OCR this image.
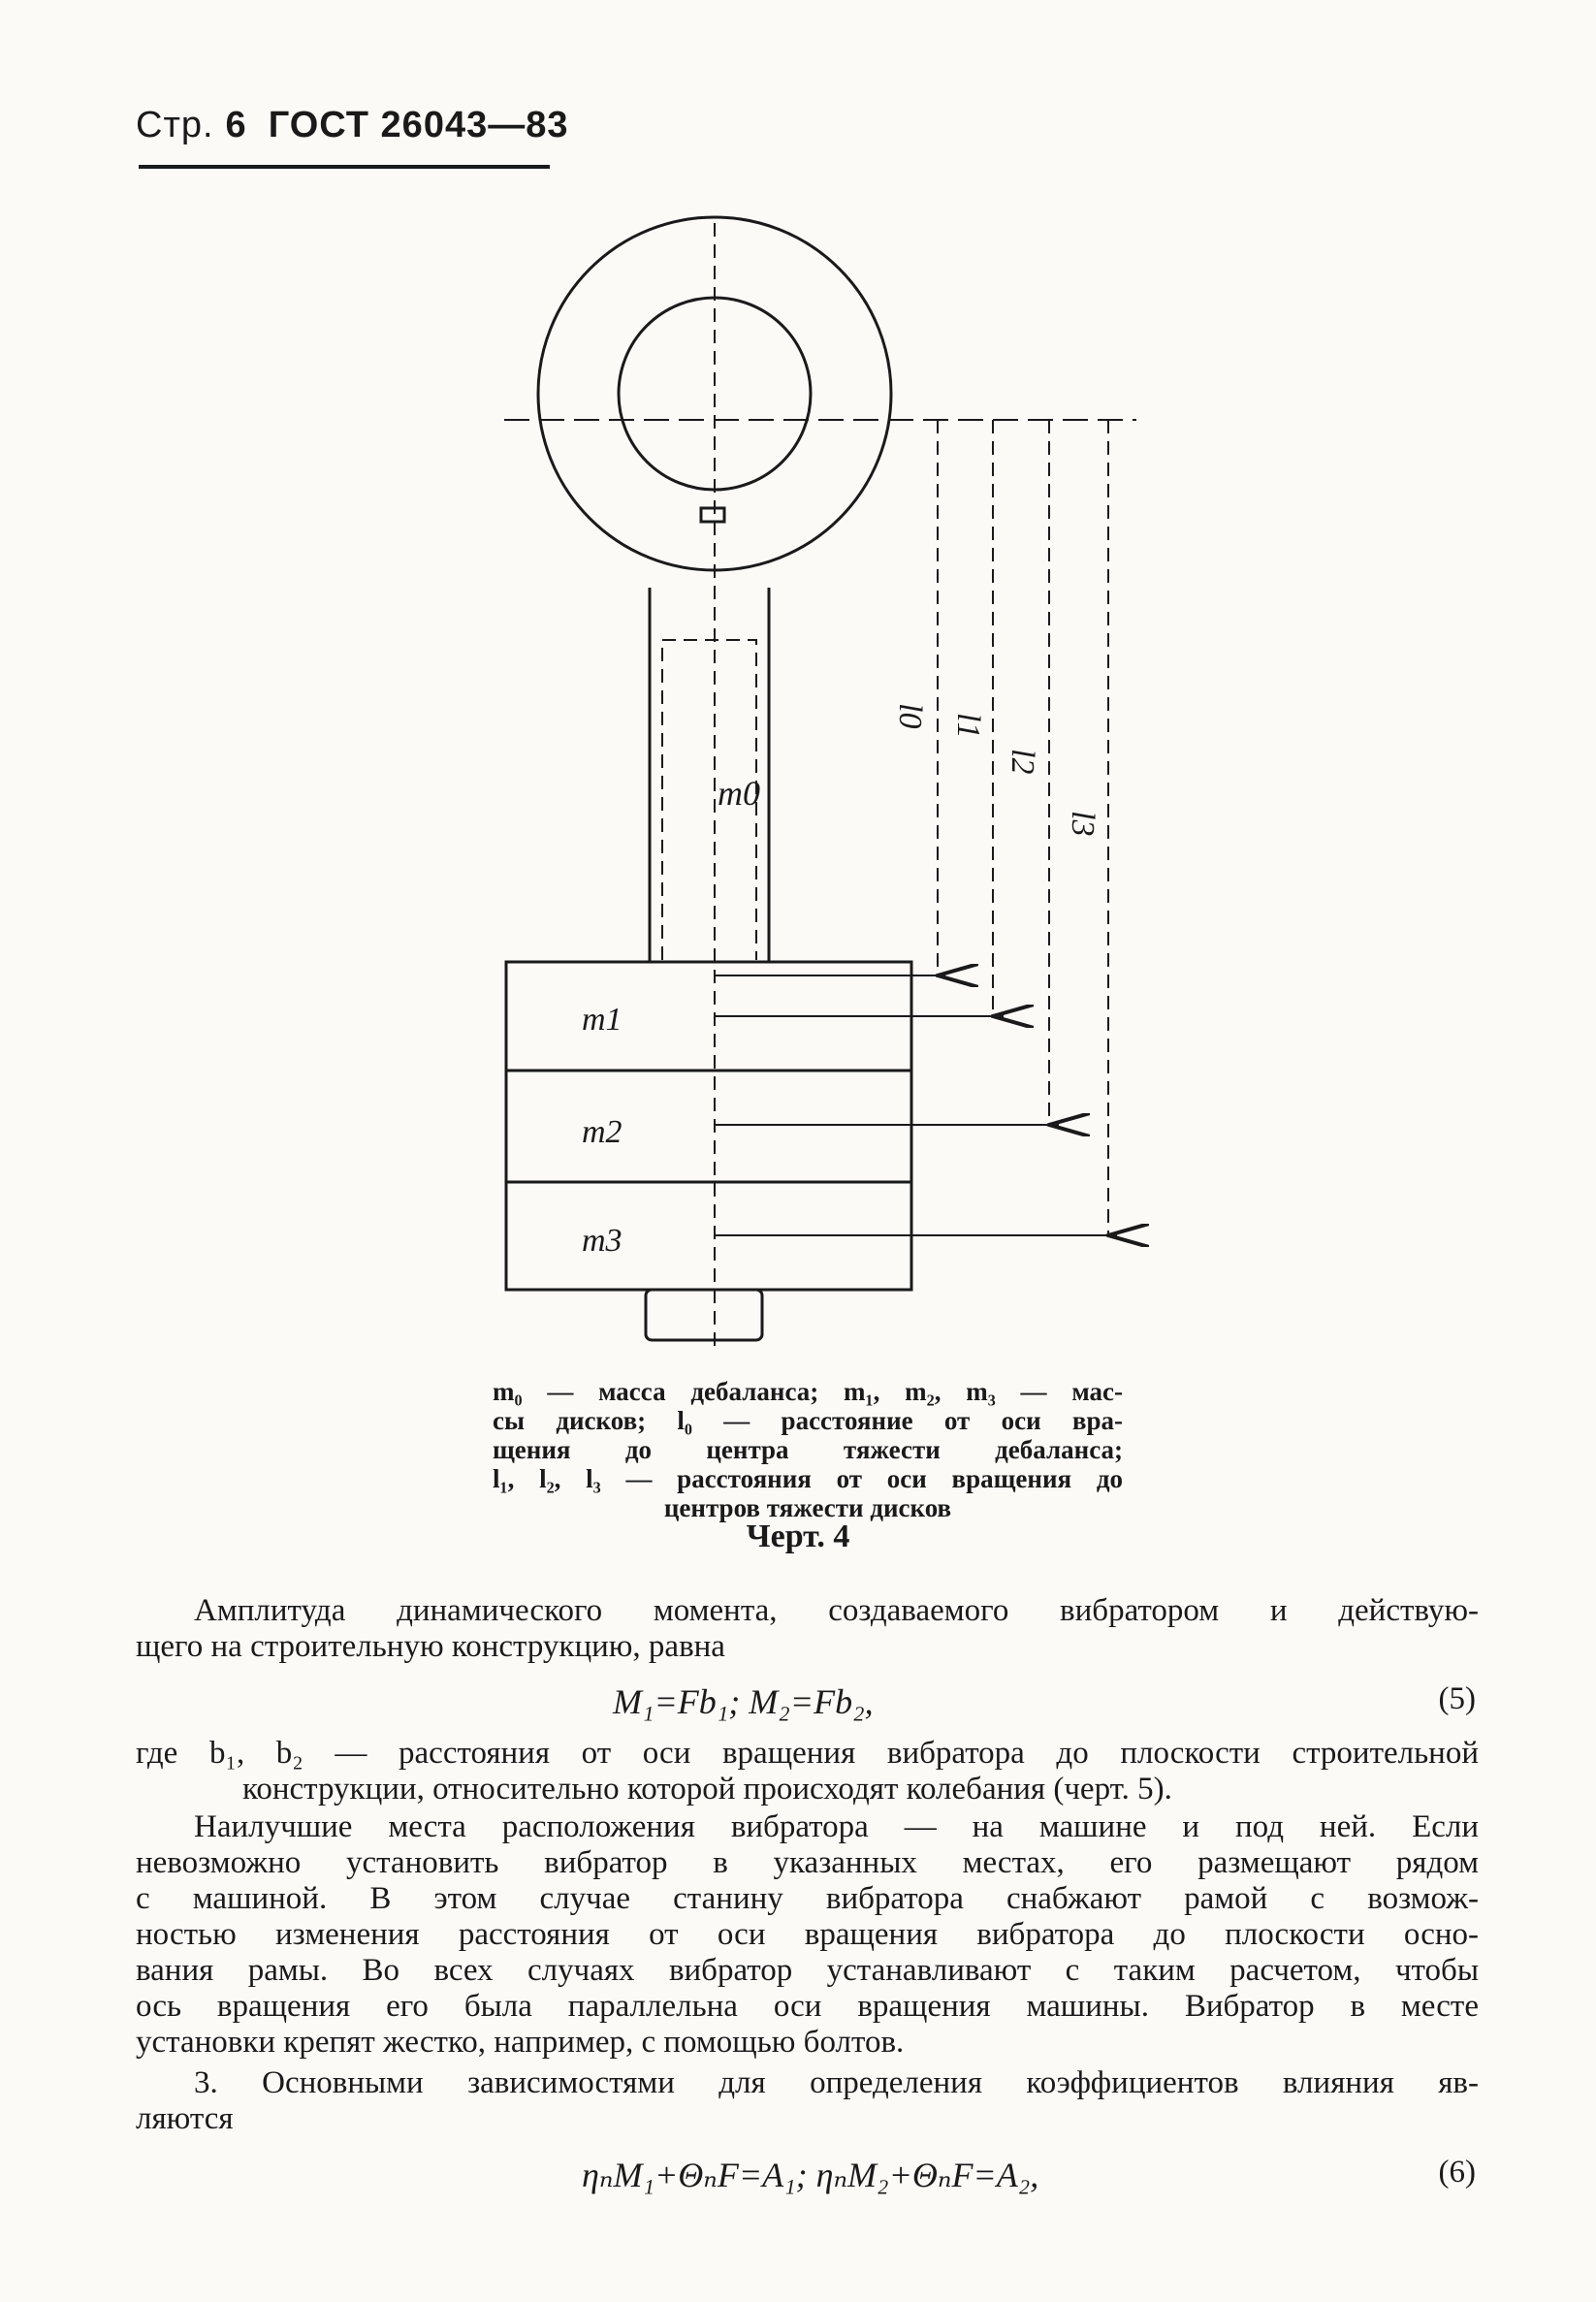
Стр. 6 ГОСТ 26043—83
m0
m1
m2
m3
l0 l1
l2
l3
m₀ — масса дебаланса; m₁, m₂, m₃ — мас-
сы дисков; l₀ — расстояние от оси вра-
щения до центра тяжести дебаланса;
l₁, l₂, l₃ — расстояния от оси вращения до
центров тяжести дисков
Черт. 4
Амплитуда динамического момента, создаваемого вибратором и действую-
щего на строительную конструкцию, равна
M₁=Fb₁; M₂=Fb₂,	(5)
где b₁, b₂ — расстояния от оси вращения вибратора до плоскости строительной
конструкции, относительно которой происходят колебания (черт. 5).
Наилучшие места расположения вибратора — на машине и под ней. Если
невозможно установить вибратор в указанных местах, его размещают рядом
с машиной. В этом случае станину вибратора снабжают рамой с возмож-
ностью изменения расстояния от оси вращения вибратора до плоскости осно-
вания рамы. Во всех случаях вибратор устанавливают с таким расчетом, чтобы
ось вращения его была параллельна оси вращения машины. Вибратор в месте
установки крепят жестко, например, с помощью болтов.
3. Основными зависимостями для определения коэффициентов влияния яв-
ляются
ηₙM₁+ΘₙF=A₁; ηₙM₂+ΘₙF=A₂,	(6)
